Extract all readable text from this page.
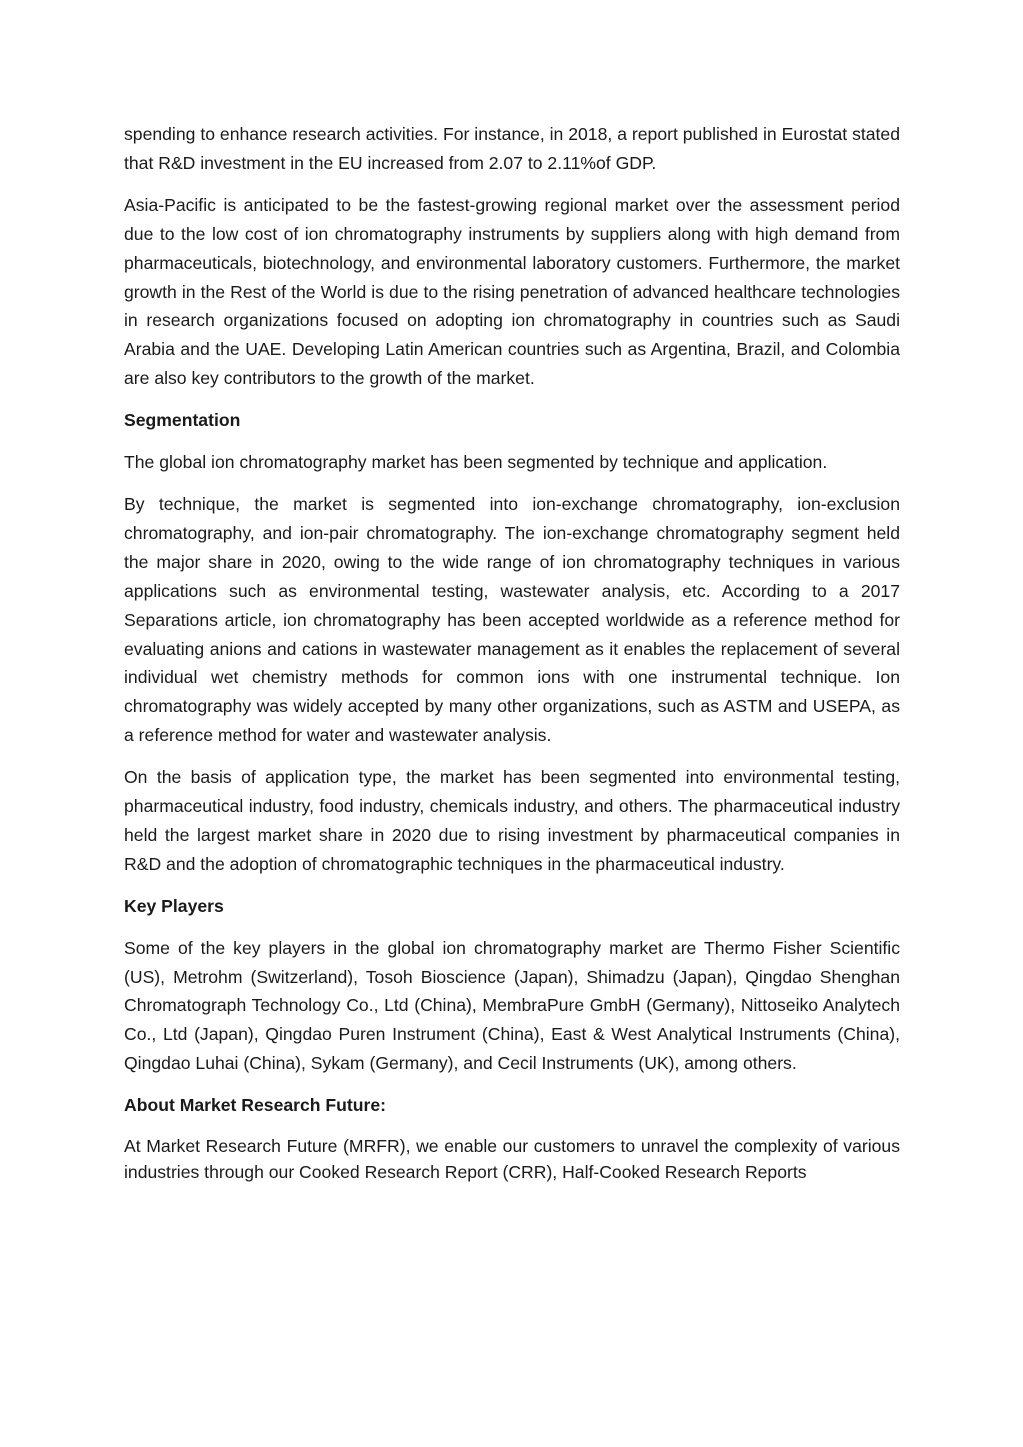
spending to enhance research activities. For instance, in 2018, a report published in Eurostat stated that R&D investment in the EU increased from 2.07 to 2.11%of GDP.

Asia-Pacific is anticipated to be the fastest-growing regional market over the assessment period due to the low cost of ion chromatography instruments by suppliers along with high demand from pharmaceuticals, biotechnology, and environmental laboratory customers. Furthermore, the market growth in the Rest of the World is due to the rising penetration of advanced healthcare technologies in research organizations focused on adopting ion chromatography in countries such as Saudi Arabia and the UAE. Developing Latin American countries such as Argentina, Brazil, and Colombia are also key contributors to the growth of the market.

Segmentation

The global ion chromatography market has been segmented by technique and application.

By technique, the market is segmented into ion-exchange chromatography, ion-exclusion chromatography, and ion-pair chromatography. The ion-exchange chromatography segment held the major share in 2020, owing to the wide range of ion chromatography techniques in various applications such as environmental testing, wastewater analysis, etc. According to a 2017 Separations article, ion chromatography has been accepted worldwide as a reference method for evaluating anions and cations in wastewater management as it enables the replacement of several individual wet chemistry methods for common ions with one instrumental technique. Ion chromatography was widely accepted by many other organizations, such as ASTM and USEPA, as a reference method for water and wastewater analysis.

On the basis of application type, the market has been segmented into environmental testing, pharmaceutical industry, food industry, chemicals industry, and others. The pharmaceutical industry held the largest market share in 2020 due to rising investment by pharmaceutical companies in R&D and the adoption of chromatographic techniques in the pharmaceutical industry.

Key Players

Some of the key players in the global ion chromatography market are Thermo Fisher Scientific (US), Metrohm (Switzerland), Tosoh Bioscience (Japan), Shimadzu (Japan), Qingdao Shenghan Chromatograph Technology Co., Ltd (China), MembraPure GmbH (Germany), Nittoseiko Analytech Co., Ltd (Japan), Qingdao Puren Instrument (China), East & West Analytical Instruments (China), Qingdao Luhai (China), Sykam (Germany), and Cecil Instruments (UK), among others.

About Market Research Future:

At Market Research Future (MRFR), we enable our customers to unravel the complexity of various industries through our Cooked Research Report (CRR), Half-Cooked Research Reports
